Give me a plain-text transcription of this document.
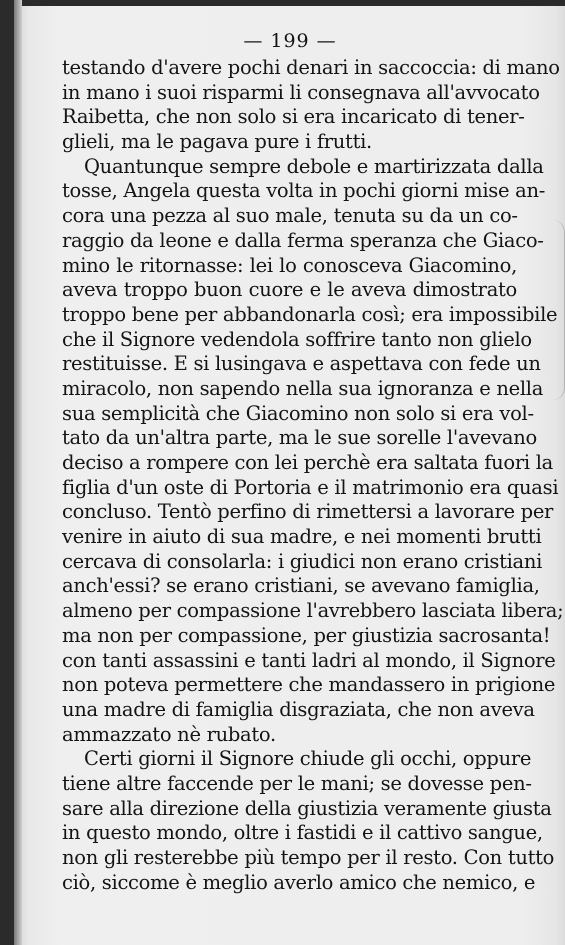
— 199 —
testando d'avere pochi denari in saccoccia: di mano
in mano i suoi risparmi li consegnava all'avvocato
Raibetta, che non solo si era incaricato di tener-
glieli, ma le pagava pure i frutti.
Quantunque sempre debole e martirizzata dalla
tosse, Angela questa volta in pochi giorni mise an-
cora una pezza al suo male, tenuta su da un co-
raggio da leone e dalla ferma speranza che Giaco-
mino le ritornasse: lei lo conosceva Giacomino,
aveva troppo buon cuore e le aveva dimostrato
troppo bene per abbandonarla così; era impossibile
che il Signore vedendola soffrire tanto non glielo
restituisse. E si lusingava e aspettava con fede un
miracolo, non sapendo nella sua ignoranza e nella
sua semplicità che Giacomino non solo si era vol-
tato da un'altra parte, ma le sue sorelle l'avevano
deciso a rompere con lei perchè era saltata fuori la
figlia d'un oste di Portoria e il matrimonio era quasi
concluso. Tentò perfino di rimettersi a lavorare per
venire in aiuto di sua madre, e nei momenti brutti
cercava di consolarla: i giudici non erano cristiani
anch'essi? se erano cristiani, se avevano famiglia,
almeno per compassione l'avrebbero lasciata libera;
ma non per compassione, per giustizia sacrosanta!
con tanti assassini e tanti ladri al mondo, il Signore
non poteva permettere che mandassero in prigione
una madre di famiglia disgraziata, che non aveva
ammazzato nè rubato.
Certi giorni il Signore chiude gli occhi, oppure
tiene altre faccende per le mani; se dovesse pen-
sare alla direzione della giustizia veramente giusta
in questo mondo, oltre i fastidi e il cattivo sangue,
non gli resterebbe più tempo per il resto. Con tutto
ciò, siccome è meglio averlo amico che nemico, e
